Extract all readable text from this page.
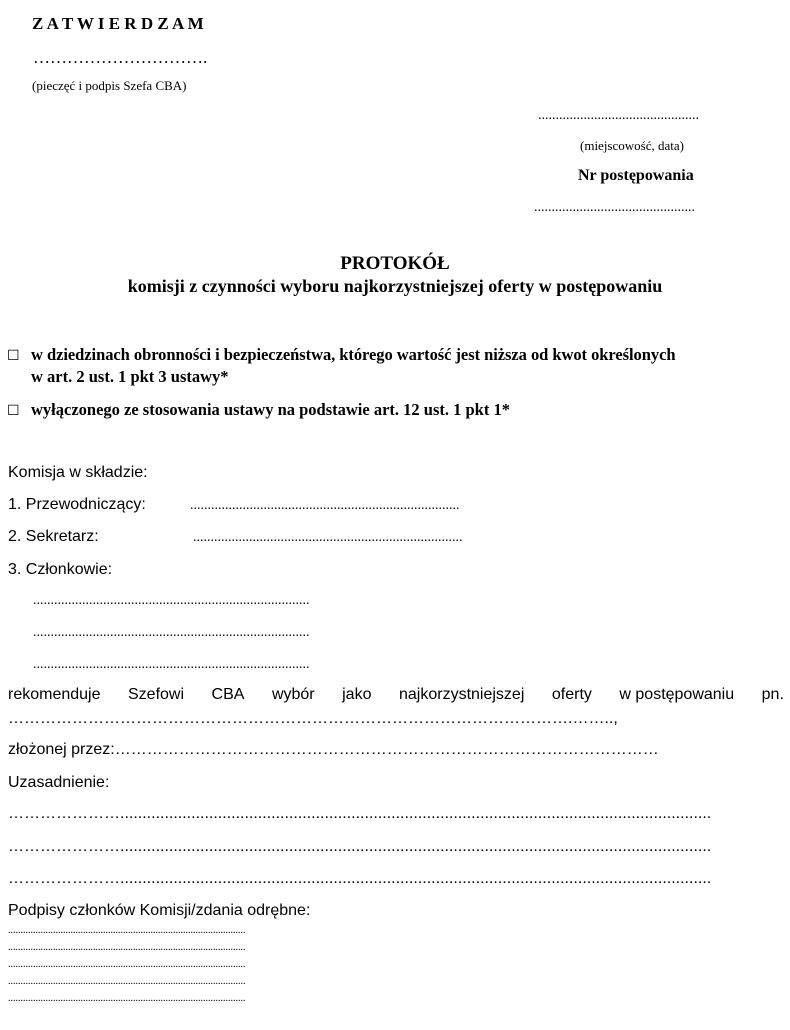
Z A T W I E R D Z A M
………………………….
(pieczęć i podpis Szefa CBA)
..............................................
(miejscowość, data)
Nr postępowania
..............................................
PROTOKÓŁ
komisji z czynności wyboru najkorzystniejszej oferty w postępowaniu
☐ w dziedzinach obronności i bezpieczeństwa, którego wartość jest niższa od kwot określonych
w art. 2 ust. 1 pkt 3 ustawy*
☐ wyłączonego ze stosowania ustawy na podstawie art. 12 ust. 1 pkt 1*
Komisja w składzie:
1. Przewodniczący:	.............................................................................
2. Sekretarz:	.............................................................................
3. Członkowie:
...............................................................................
...............................................................................
...............................................................................
rekomenduje Szefowi CBA wybór jako najkorzystniejszej oferty w postępowaniu pn.
…………………………………………………………………………………………….……..,
złożonej przez:…………………………………………………………………………………………
Uzasadnienie:
………………….....................................................................................................................................
………………….....................................................................................................................................
………………….....................................................................................................................................
Podpisy członków Komisji/zdania odrębne:
...............................................................................................
...............................................................................................
...............................................................................................
...............................................................................................
...............................................................................................
